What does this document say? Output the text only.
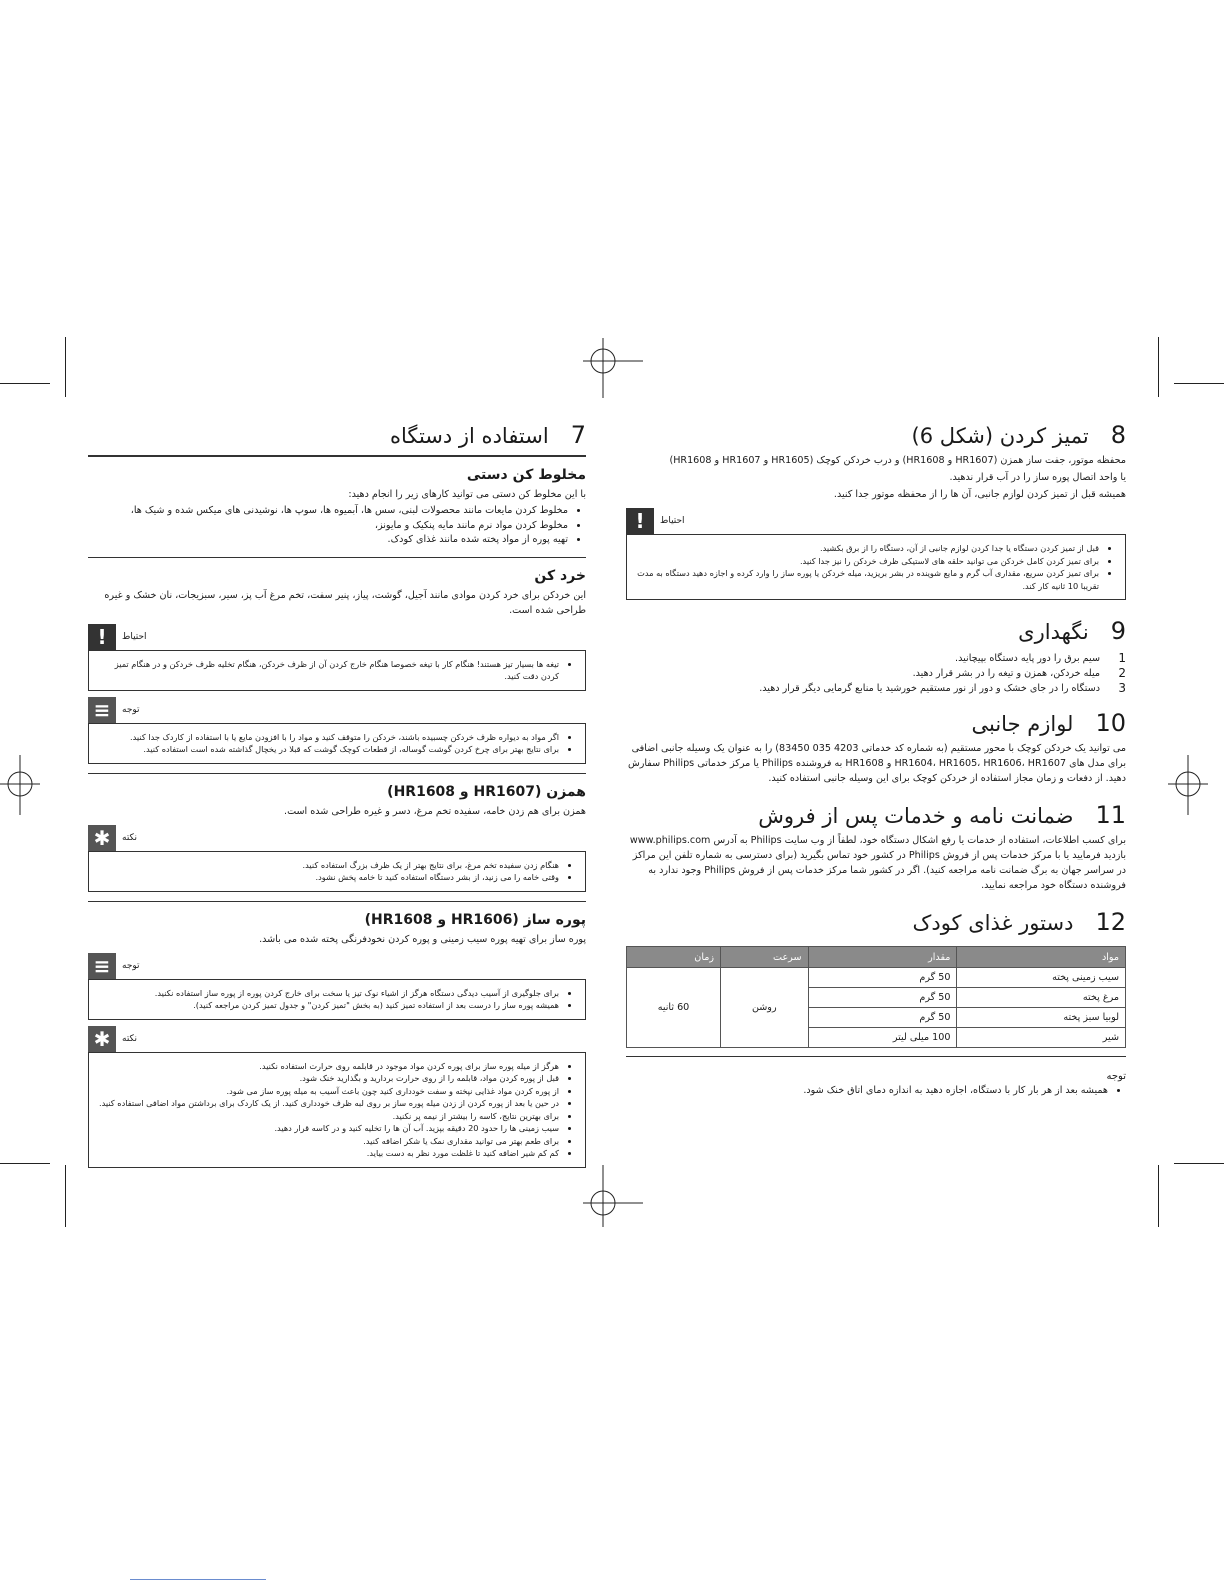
7
استفاده از دستگاه
مخلوط کن دستی
با این مخلوط کن دستی می توانید کارهای زیر را انجام دهید:
• مخلوط کردن مایعات مانند محصولات لبنی، سس ها، آبمیوه ها، سوپ ها، نوشیدنی های میکس شده و شیک ها،
• مخلوط کردن مواد نرم مانند مایه پنکیک و مایونز،
• تهیه پوره از مواد پخته شده مانند غذای کودک.
خرد کن
این خردکن برای خرد کردن موادی مانند آجیل، گوشت، پیاز، پنیر سفت، تخم مرغ آب پز، سیر، سبزیجات، نان خشک و غیره طراحی شده است.
احتیاط
!
• تیغه ها بسیار تیز هستند! هنگام کار با تیغه خصوصا هنگام خارج کردن آن از ظرف خردکن، هنگام تخلیه ظرف خردکن و در هنگام تمیز کردن دقت کنید.
توجه
≡
• اگر مواد به دیواره ظرف خردکن چسبیده باشند، خردکن را متوقف کنید و مواد را با افزودن مایع یا با استفاده از کاردک جدا کنید.
• برای نتایج بهتر برای چرخ کردن گوشت گوساله، از قطعات کوچک گوشت که قبلا در یخچال گذاشته شده است استفاده کنید.
همزن (HR1607 و HR1608)
همزن برای هم زدن خامه، سفیده تخم مرغ، دسر و غیره طراحی شده است.
نکته
✱
• هنگام زدن سفیده تخم مرغ، برای نتایج بهتر از یک ظرف بزرگ استفاده کنید.
• وقتی خامه را می زنید، از بشر دستگاه استفاده کنید تا خامه پخش نشود.
پوره ساز (HR1606 و HR1608)
پوره ساز برای تهیه پوره سیب زمینی و پوره کردن نخودفرنگی پخته شده می باشد.
توجه
≡
• برای جلوگیری از آسیب دیدگی دستگاه هرگز از اشیاء نوک تیز یا سخت برای خارج کردن پوره از پوره ساز استفاده نکنید.
• همیشه پوره ساز را درست بعد از استفاده تمیز کنید (به بخش "تمیز کردن" و جدول تمیز کردن مراجعه کنید).
نکته
✱
• هرگز از میله پوره ساز برای پوره کردن مواد موجود در قابلمه روی حرارت استفاده نکنید.
• قبل از پوره کردن مواد، قابلمه را از روی حرارت بردارید و بگذارید خنک شود.
• از پوره کردن مواد غذایی نپخته و سفت خودداری کنید چون باعث آسیب به میله پوره ساز می شود.
• در حین یا بعد از پوره کردن از زدن میله پوره ساز بر روی لبه ظرف خودداری کنید. از یک کاردک برای برداشتن مواد اضافی استفاده کنید.
• برای بهترین نتایج، کاسه را بیشتر از نیمه پر نکنید.
• سیب زمینی ها را حدود 20 دقیقه بپزید. آب آن ها را تخلیه کنید و در کاسه قرار دهید.
• برای طعم بهتر می توانید مقداری نمک یا شکر اضافه کنید.
• کم کم شیر اضافه کنید تا غلظت مورد نظر به دست بیاید.
8
تمیز کردن (شکل 6)
محفظه موتور، جفت ساز همزن (HR1607 و HR1608) و درب خردکن کوچک (HR1605 و HR1607 و HR1608)
یا واحد اتصال پوره ساز را در آب قرار ندهید.
همیشه قبل از تمیز کردن لوازم جانبی، آن ها را از محفظه موتور جدا کنید.
احتیاط
!
• قبل از تمیز کردن دستگاه یا جدا کردن لوازم جانبی از آن، دستگاه را از برق بکشید.
• برای تمیز کردن کامل خردکن می توانید حلقه های لاستیکی ظرف خردکن را نیز جدا کنید.
• برای تمیز کردن سریع، مقداری آب گرم و مایع شوینده در بشر بریزید، میله خردکن یا پوره ساز را وارد کرده و اجازه دهید دستگاه به مدت تقریبا 10 ثانیه کار کند.
9
نگهداری
1
سیم برق را دور پایه دستگاه بپیچانید.
2
میله خردکن، همزن و تیغه را در بشر قرار دهید.
3
دستگاه را در جای خشک و دور از نور مستقیم خورشید یا منابع گرمایی دیگر قرار دهید.
10
لوازم جانبی
می توانید یک خردکن کوچک با محور مستقیم (به شماره کد خدماتی 4203 035 83450) را به عنوان یک وسیله جانبی اضافی برای مدل های HR1604، HR1605، HR1606، HR1607 و HR1608 به فروشنده Philips یا مرکز خدماتی Philips سفارش دهید. از دفعات و زمان مجاز استفاده از خردکن کوچک برای این وسیله جانبی استفاده کنید.
11
ضمانت نامه و خدمات پس از فروش
برای کسب اطلاعات، استفاده از خدمات یا رفع اشکال دستگاه خود، لطفاً از وب سایت Philips به آدرس www.philips.com بازدید فرمایید یا با مرکز خدمات پس از فروش Philips در کشور خود تماس بگیرید (برای دسترسی به شماره تلفن این مراکز در سراسر جهان به برگ ضمانت نامه مراجعه کنید). اگر در کشور شما مرکز خدمات پس از فروش Philips وجود ندارد به فروشنده دستگاه خود مراجعه نمایید.
12
دستور غذای کودک
مواد	مقدار	سرعت	زمان
سیب زمینی پخته	50 گرم	روشن	60 ثانیه
مرغ پخته	50 گرم		
لوبیا سبز پخته	50 گرم		
شیر	100 میلی لیتر		
توجه
• همیشه بعد از هر بار کار با دستگاه، اجازه دهید به اندازه دمای اتاق خنک شود.
